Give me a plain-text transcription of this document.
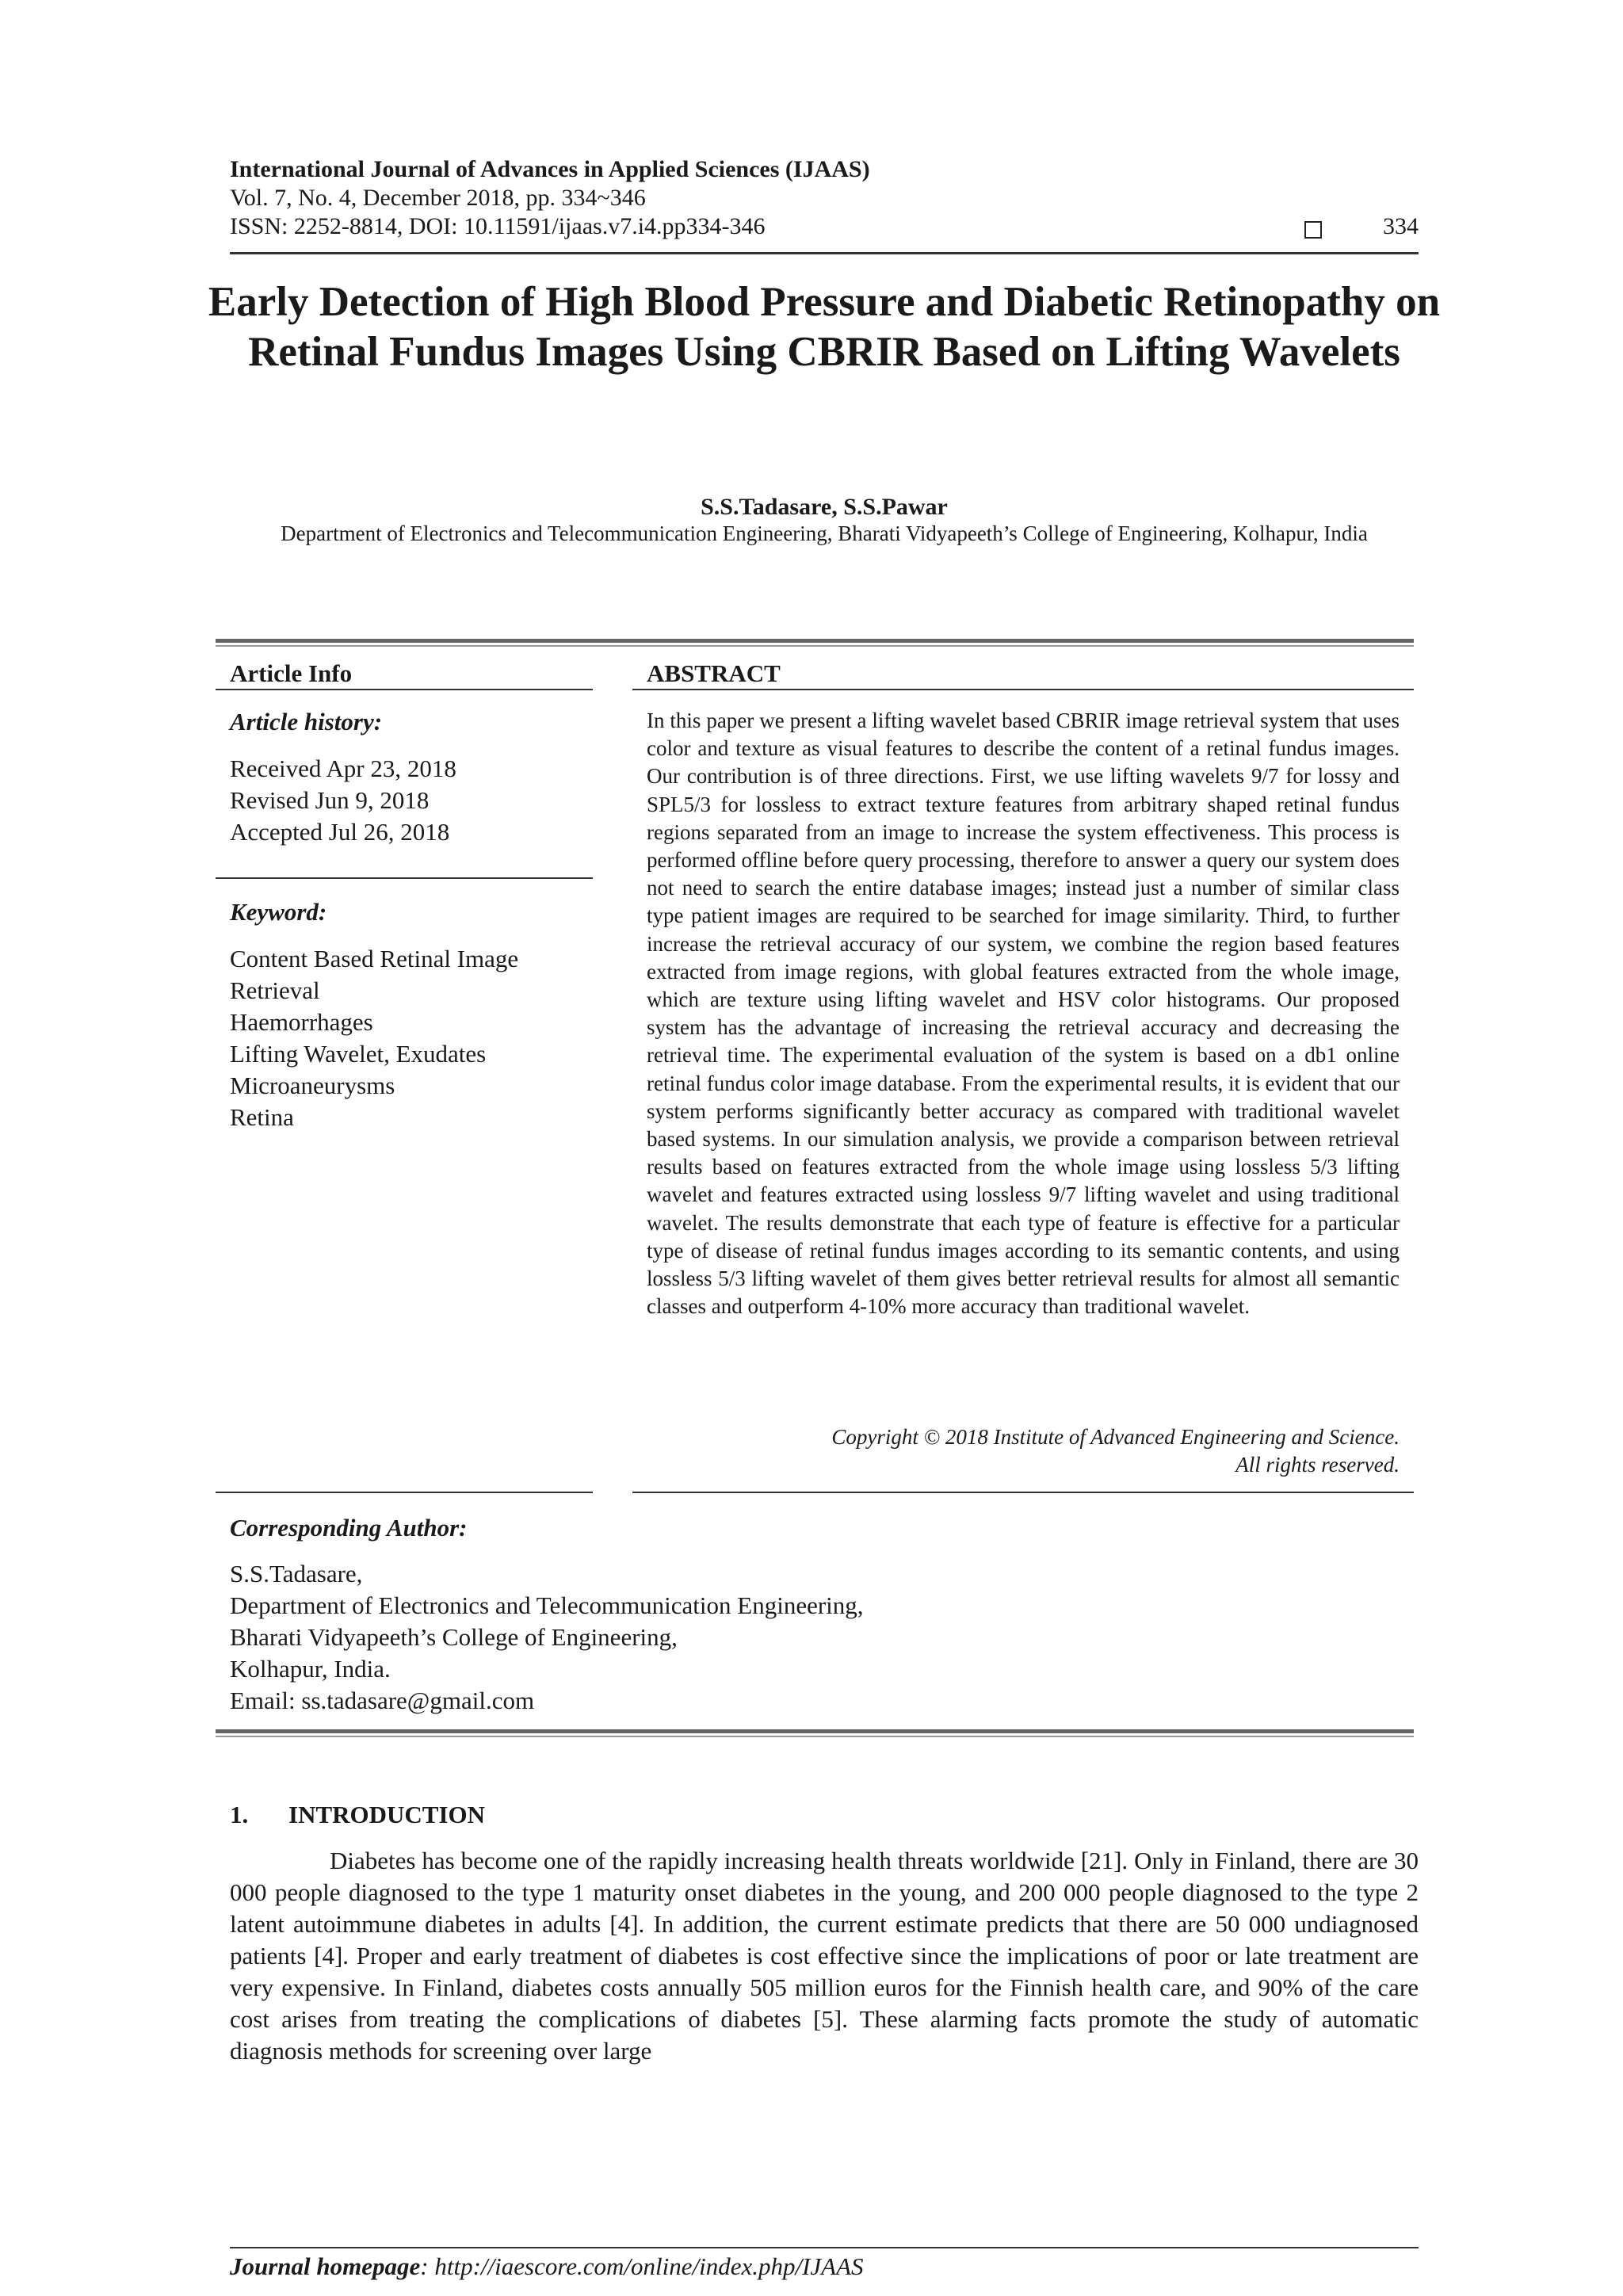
International Journal of Advances in Applied Sciences (IJAAS)
Vol. 7, No. 4, December 2018, pp. 334~346
ISSN: 2252-8814, DOI: 10.11591/ijaas.v7.i4.pp334-346	334
Early Detection of High Blood Pressure and Diabetic Retinopathy on Retinal Fundus Images Using CBRIR Based on Lifting Wavelets
S.S.Tadasare, S.S.Pawar
Department of Electronics and Telecommunication Engineering, Bharati Vidyapeeth’s College of Engineering, Kolhapur, India
Article Info
Article history:
Received Apr 23, 2018
Revised Jun 9, 2018
Accepted Jul 26, 2018
Keyword:
Content Based Retinal Image
Retrieval
Haemorrhages
Lifting Wavelet, Exudates
Microaneurysms
Retina
ABSTRACT
In this paper we present a lifting wavelet based CBRIR image retrieval system that uses color and texture as visual features to describe the content of a retinal fundus images. Our contribution is of three directions. First, we use lifting wavelets 9/7 for lossy and SPL5/3 for lossless to extract texture features from arbitrary shaped retinal fundus regions separated from an image to increase the system effectiveness. This process is performed offline before query processing, therefore to answer a query our system does not need to search the entire database images; instead just a number of similar class type patient images are required to be searched for image similarity. Third, to further increase the retrieval accuracy of our system, we combine the region based features extracted from image regions, with global features extracted from the whole image, which are texture using lifting wavelet and HSV color histograms. Our proposed system has the advantage of increasing the retrieval accuracy and decreasing the retrieval time. The experimental evaluation of the system is based on a db1 online retinal fundus color image database. From the experimental results, it is evident that our system performs significantly better accuracy as compared with traditional wavelet based systems. In our simulation analysis, we provide a comparison between retrieval results based on features extracted from the whole image using lossless 5/3 lifting wavelet and features extracted using lossless 9/7 lifting wavelet and using traditional wavelet. The results demonstrate that each type of feature is effective for a particular type of disease of retinal fundus images according to its semantic contents, and using lossless 5/3 lifting wavelet of them gives better retrieval results for almost all semantic classes and outperform 4-10% more accuracy than traditional wavelet.
Copyright © 2018 Institute of Advanced Engineering and Science.
All rights reserved.
Corresponding Author:
S.S.Tadasare,
Department of Electronics and Telecommunication Engineering,
Bharati Vidyapeeth’s College of Engineering,
Kolhapur, India.
Email: ss.tadasare@gmail.com
1. INTRODUCTION

Diabetes has become one of the rapidly increasing health threats worldwide [21]. Only in Finland, there are 30 000 people diagnosed to the type 1 maturity onset diabetes in the young, and 200 000 people diagnosed to the type 2 latent autoimmune diabetes in adults [4]. In addition, the current estimate predicts that there are 50 000 undiagnosed patients [4]. Proper and early treatment of diabetes is cost effective since the implications of poor or late treatment are very expensive. In Finland, diabetes costs annually 505 million euros for the Finnish health care, and 90% of the care cost arises from treating the complications of diabetes [5]. These alarming facts promote the study of automatic diagnosis methods for screening over large

Journal homepage: http://iaescore.com/online/index.php/IJAAS
